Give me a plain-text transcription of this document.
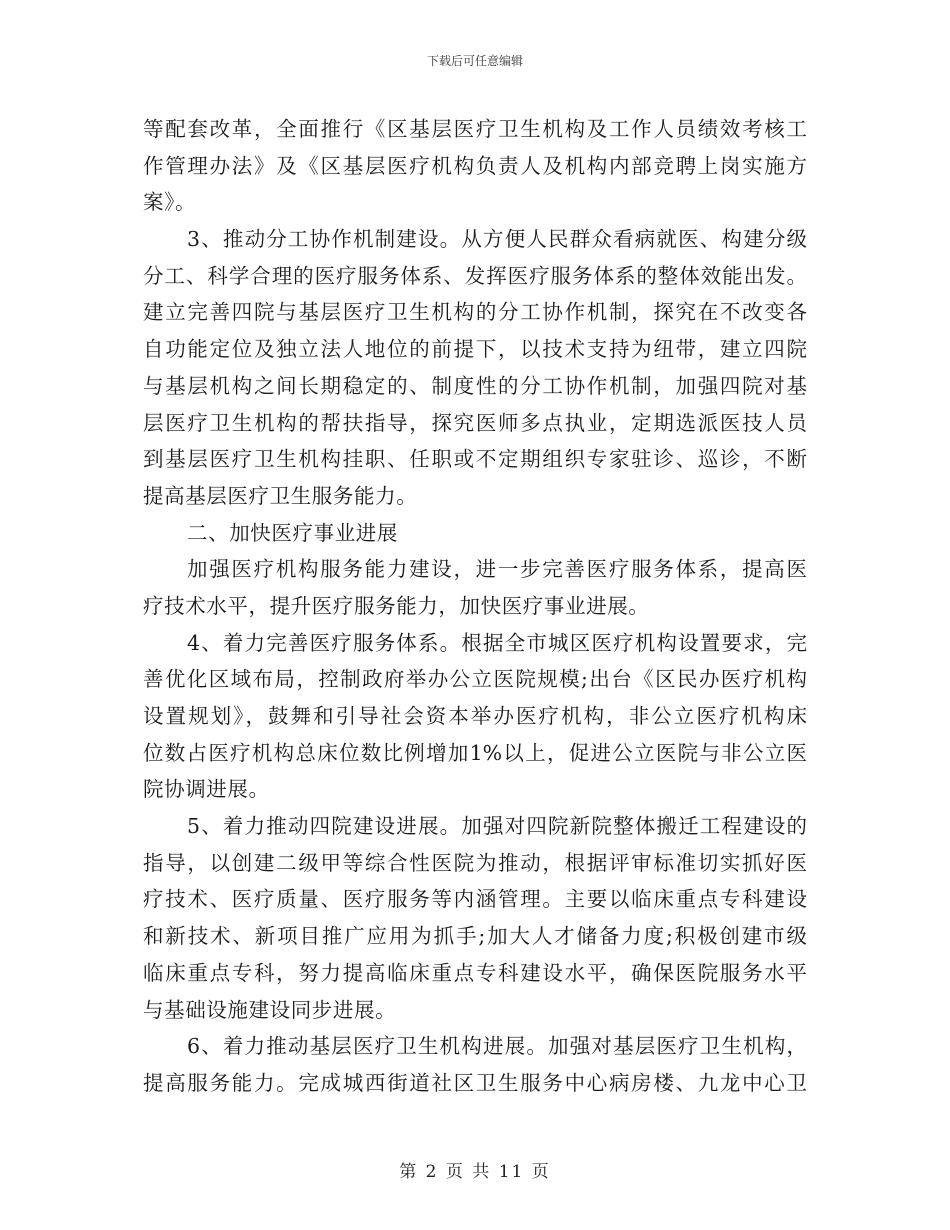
下载后可任意编辑
等配套改革，全面推行《区基层医疗卫生机构及工作人员绩效考核工
作管理办法》及《区基层医疗机构负责人及机构内部竞聘上岗实施方
案》。
3、推动分工协作机制建设。从方便人民群众看病就医、构建分级
分工、科学合理的医疗服务体系、发挥医疗服务体系的整体效能出发。
建立完善四院与基层医疗卫生机构的分工协作机制，探究在不改变各
自功能定位及独立法人地位的前提下，以技术支持为纽带，建立四院
与基层机构之间长期稳定的、制度性的分工协作机制，加强四院对基
层医疗卫生机构的帮扶指导，探究医师多点执业，定期选派医技人员
到基层医疗卫生机构挂职、任职或不定期组织专家驻诊、巡诊，不断
提高基层医疗卫生服务能力。
二、加快医疗事业进展
加强医疗机构服务能力建设，进一步完善医疗服务体系，提高医
疗技术水平，提升医疗服务能力，加快医疗事业进展。
4、着力完善医疗服务体系。根据全市城区医疗机构设置要求，完
善优化区域布局，控制政府举办公立医院规模;出台《区民办医疗机构
设置规划》，鼓舞和引导社会资本举办医疗机构，非公立医疗机构床
位数占医疗机构总床位数比例增加1%以上，促进公立医院与非公立医
院协调进展。
5、着力推动四院建设进展。加强对四院新院整体搬迁工程建设的
指导，以创建二级甲等综合性医院为推动，根据评审标准切实抓好医
疗技术、医疗质量、医疗服务等内涵管理。主要以临床重点专科建设
和新技术、新项目推广应用为抓手;加大人才储备力度;积极创建市级
临床重点专科，努力提高临床重点专科建设水平，确保医院服务水平
与基础设施建设同步进展。
6、着力推动基层医疗卫生机构进展。加强对基层医疗卫生机构，
提高服务能力。完成城西街道社区卫生服务中心病房楼、九龙中心卫
第 2 页 共 11 页
